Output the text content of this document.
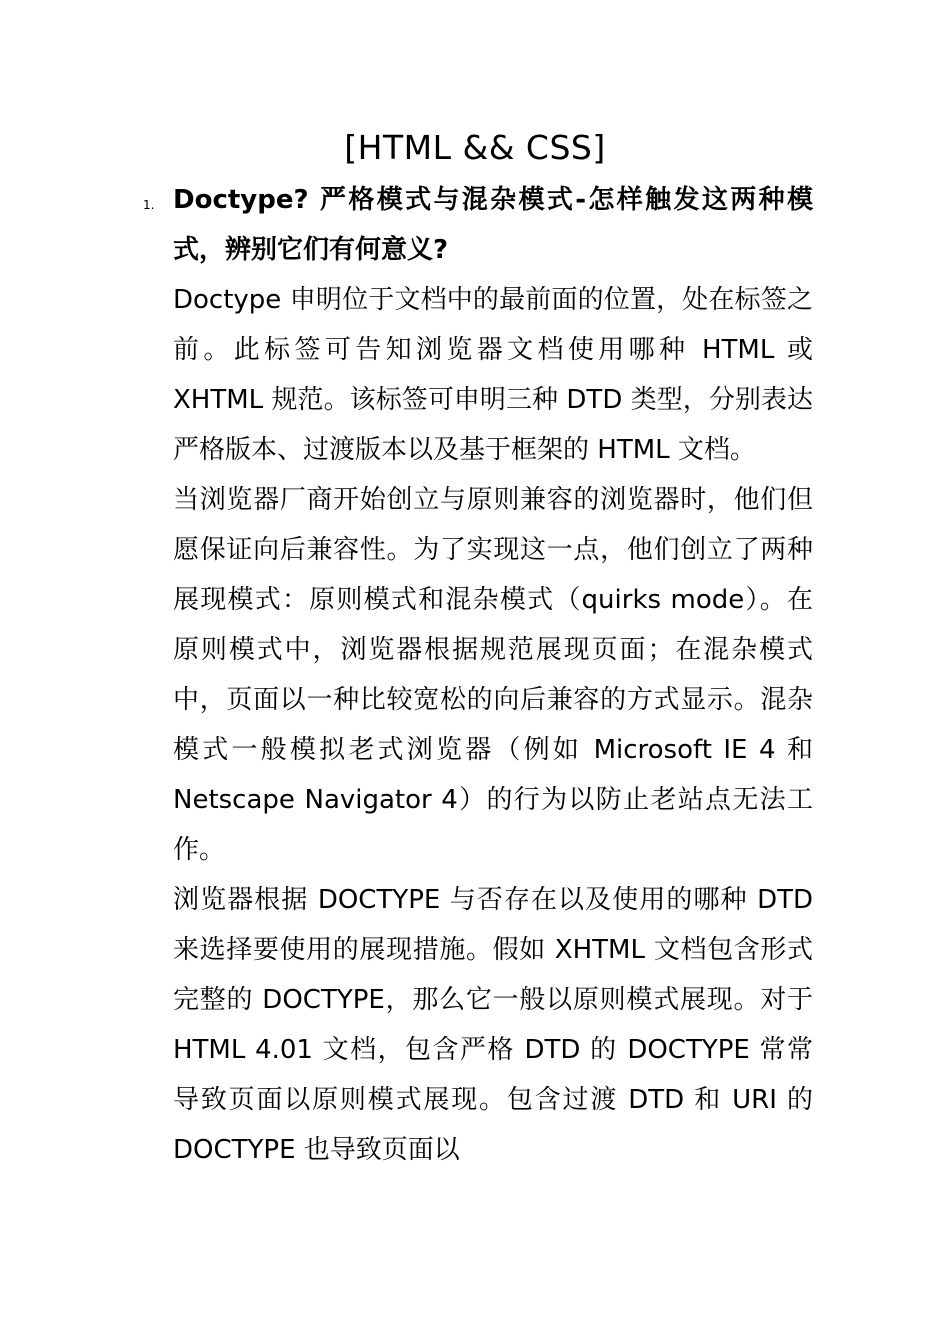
[HTML && CSS]
1. Doctype? 严格模式与混杂模式-怎样触发这两种模式，辨别它们有何意义?

Doctype 申明位于文档中的最前面的位置，处在标签之前。此标签可告知浏览器文档使用哪种 HTML 或 XHTML 规范。该标签可申明三种 DTD 类型，分别表达严格版本、过渡版本以及基于框架的 HTML 文档。

当浏览器厂商开始创立与原则兼容的浏览器时，他们但愿保证向后兼容性。为了实现这一点，他们创立了两种展现模式：原则模式和混杂模式（quirks mode）。在原则模式中，浏览器根据规范展现页面；在混杂模式中，页面以一种比较宽松的向后兼容的方式显示。混杂模式一般模拟老式浏览器（例如 Microsoft IE 4 和 Netscape Navigator 4）的行为以防止老站点无法工作。

浏览器根据 DOCTYPE 与否存在以及使用的哪种 DTD 来选择要使用的展现措施。假如 XHTML 文档包含形式完整的 DOCTYPE，那么它一般以原则模式展现。对于 HTML 4.01 文档，包含严格 DTD 的 DOCTYPE 常常导致页面以原则模式展现。包含过渡 DTD 和 URI 的 DOCTYPE 也导致页面以
